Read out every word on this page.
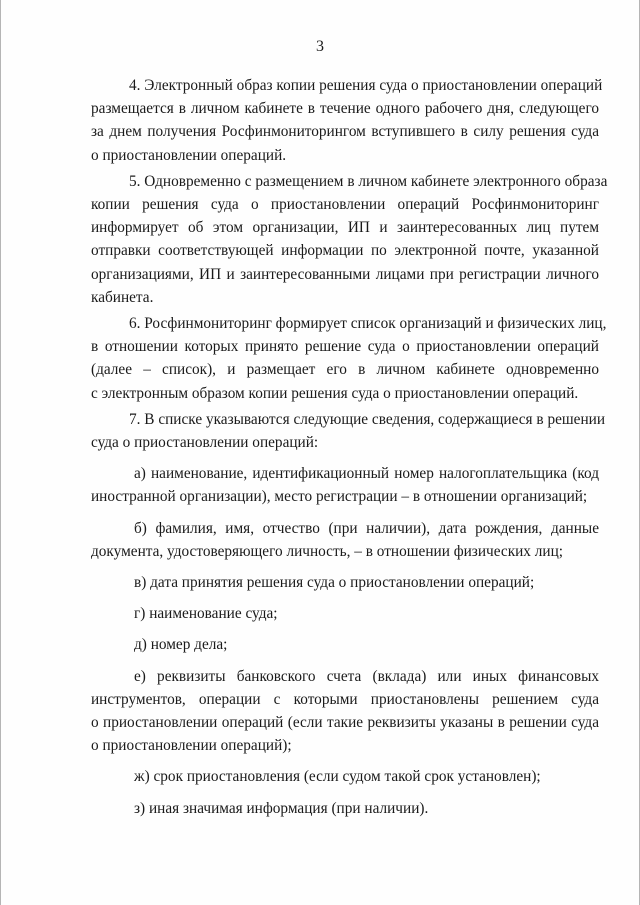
3
4. Электронный образ копии решения суда о приостановлении операций
размещается в личном кабинете в течение одного рабочего дня, следующего
за днем получения Росфинмониторингом вступившего в силу решения суда
о приостановлении операций.
5. Одновременно с размещением в личном кабинете электронного образа
копии решения суда о приостановлении операций Росфинмониторинг
информирует об этом организации, ИП и заинтересованных лиц путем
отправки соответствующей информации по электронной почте, указанной
организациями, ИП и заинтересованными лицами при регистрации личного
кабинета.
6. Росфинмониторинг формирует список организаций и физических лиц,
в отношении которых принято решение суда о приостановлении операций
(далее – список), и размещает его в личном кабинете одновременно
с электронным образом копии решения суда о приостановлении операций.
7. В списке указываются следующие сведения, содержащиеся в решении
суда о приостановлении операций:
а) наименование, идентификационный номер налогоплательщика (код
иностранной организации), место регистрации – в отношении организаций;
б) фамилия, имя, отчество (при наличии), дата рождения, данные
документа, удостоверяющего личность, – в отношении физических лиц;
в) дата принятия решения суда о приостановлении операций;
г) наименование суда;
д) номер дела;
е) реквизиты банковского счета (вклада) или иных финансовых
инструментов, операции с которыми приостановлены решением суда
о приостановлении операций (если такие реквизиты указаны в решении суда
о приостановлении операций);
ж) срок приостановления (если судом такой срок установлен);
з) иная значимая информация (при наличии).
